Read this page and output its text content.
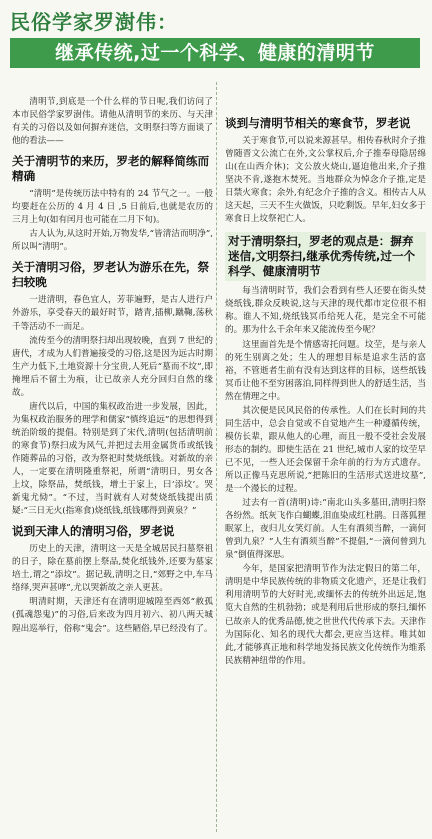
民俗学家罗澍伟：
继承传统,过一个科学、健康的清明节

清明节,到底是一个什么样的节日呢,我们访问了本市民俗学家罗澍伟。请他从清明节的来历、与天津有关的习俗以及如何摒弃迷信，文明祭扫等方面谈了他的看法——

关于清明节的来历，罗老的解释简练而精确

“清明”是传统历法中特有的 24 节气之一。一般均要赶在公历的 4 月 4 日 ,5 日前后,也就是农历的三月上旬(如有闰月也可能在二月下旬)。

古人认为,从这时开始,万物发华,“皆清洁而明净”,所以叫“清明”。

关于清明习俗，罗老认为游乐在先，祭扫较晚

一进清明，春色宜人，芳菲遍野，是古人进行户外游乐，享受春天的最好时节，踏青,插柳,蹴鞠,荡秋千等活动不一而足。

流传至今的清明祭扫却出现较晚，直到 7 世纪的唐代，才成为人们普遍接受的习俗,这是因为远古时期生产力低下,土地资源十分宝贵,人死后“墓而不坟”,即掩埋后不留土为痕，让已故亲人充分回归自然的缘故。

唐代以后，中国的集权政治进一步发展，因此，为集权政治服务的理学和儒家“慎终追远”的思想得到统治阶级的提倡。特别是到了宋代,清明(包括清明前的寒食节)祭扫成为风气,并把过去用金属货币或纸钱作随葬品的习俗，改为祭祀时焚烧纸钱。对新故的亲人，一定要在清明隆重祭祀，所谓“清明日，男女各上坟，除祭品，焚纸钱，增土于家上，曰‘添坟’。哭新鬼尤恸”。“不过，当时就有人对焚烧纸钱提出质疑:“三日无火(指寒食)烧纸钱,纸钱哪得到黄泉？”

说到天津人的清明习俗，罗老说

历史上的天津，清明这一天是全城居民扫墓祭祖的日子，除在墓前摆上祭品,焚化纸钱外,还要为墓家培土,谓之“添坟”。据记载,清明之日,“郊野之中,车马络绎,哭声甚哮”,尤以哭新故之亲人更甚。

明清时期，天津还有在清明迎城隍至西郊“赦孤(孤魂怨鬼)”的习俗,后来改为四月初六、初八两天城隍出巡举行，俗称“鬼会”。这些陋俗,早已经没有了。

谈到与清明节相关的寒食节，罗老说

关于寒食节,可以说来源甚早。相传春秋时介子推曾随晋文公流亡在外,文公掌权后,介子推奉母隐居绵山(在山西介休)；文公放火烧山,逼迫他出来,介子推坚决不肯,遂抱木焚死。当地群众为悼念介子推,定是日禁火寒食；余外,有纪念介子推的含义。相传古人从这天起，三天不生火做饭，只吃剩饭。早年,妇女多于寒食日上坟祭祀亡人。

对于清明祭扫，罗老的观点是：摒弃迷信,文明祭扫,继承优秀传统,过一个科学、健康清明节

每当清明时节，我们会看到有些人还要在街头焚烧纸钱,群众反映说,这与天津的现代都市定位很不相称。谁人不知,烧纸钱冥币给死人花，是完全不可能的。那为什么千余年来又能流传至今呢？

这里面首先是个情感寄托问题。坟茔，是与亲人的死生别离之处；生人的理想目标是追求生活的富裕，不管逝者生前有没有达到这样的目标，送些纸钱冥币让他不至穷困落泊,同样得到世人的舒适生活，当然在情理之中。

其次便是民风民俗的传承性。人们在长时间的共同生活中，总会自觉或不自觉地产生一种遵循传统，模仿长辈，跟从他人的心理，而且一般不受社会发展形态的制约。即使生活在 21 世纪,城市人家的坟茔早已不见，一些人还会保留千余年前的行为方式遗存。所以正像马克思所说,“把陈旧的生活形式送进坟墓”,是一个漫长的过程。

过去有一首(清明)诗:“南北山头多墓田,清明扫祭各纷然。纸灰飞作白蝴蝶,泪血染成红杜鹃。日落狐狸眠冢上，夜归儿女笑灯前。人生有酒须当醉，一滴何曾到九泉？”人生有酒须当醉”不提倡,“一滴何曾到九泉”倒值得深思。

今年，是国家把清明节作为法定假日的第二年，清明是中华民族传统的非物质文化遗产，还是让我们利用清明节的大好时光,或缅怀去的传统外出远足,饱览大自然的生机勃勃；或是利用后世形成的祭扫,缅怀已故亲人的优秀品德,使之世世代代传承下去。天津作为国际化、知名的现代大都会,更应当这样。唯其如此,才能够真正地和科学地发扬民族文化传统作为维系民族精神纽带的作用。
